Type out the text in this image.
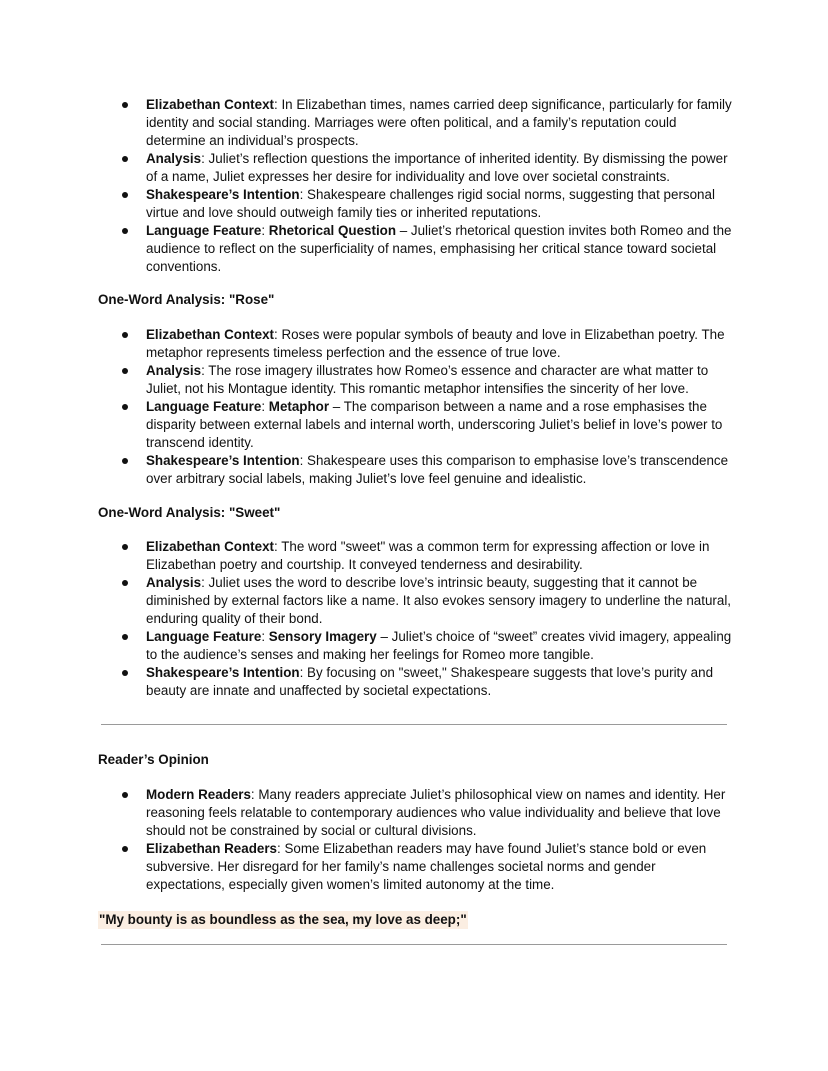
Elizabethan Context: In Elizabethan times, names carried deep significance, particularly for family identity and social standing. Marriages were often political, and a family’s reputation could determine an individual’s prospects.
Analysis: Juliet’s reflection questions the importance of inherited identity. By dismissing the power of a name, Juliet expresses her desire for individuality and love over societal constraints.
Shakespeare’s Intention: Shakespeare challenges rigid social norms, suggesting that personal virtue and love should outweigh family ties or inherited reputations.
Language Feature: Rhetorical Question – Juliet’s rhetorical question invites both Romeo and the audience to reflect on the superficiality of names, emphasising her critical stance toward societal conventions.
One-Word Analysis: "Rose"
Elizabethan Context: Roses were popular symbols of beauty and love in Elizabethan poetry. The metaphor represents timeless perfection and the essence of true love.
Analysis: The rose imagery illustrates how Romeo’s essence and character are what matter to Juliet, not his Montague identity. This romantic metaphor intensifies the sincerity of her love.
Language Feature: Metaphor – The comparison between a name and a rose emphasises the disparity between external labels and internal worth, underscoring Juliet’s belief in love’s power to transcend identity.
Shakespeare’s Intention: Shakespeare uses this comparison to emphasise love’s transcendence over arbitrary social labels, making Juliet’s love feel genuine and idealistic.
One-Word Analysis: "Sweet"
Elizabethan Context: The word "sweet" was a common term for expressing affection or love in Elizabethan poetry and courtship. It conveyed tenderness and desirability.
Analysis: Juliet uses the word to describe love’s intrinsic beauty, suggesting that it cannot be diminished by external factors like a name. It also evokes sensory imagery to underline the natural, enduring quality of their bond.
Language Feature: Sensory Imagery – Juliet’s choice of “sweet” creates vivid imagery, appealing to the audience’s senses and making her feelings for Romeo more tangible.
Shakespeare’s Intention: By focusing on "sweet," Shakespeare suggests that love’s purity and beauty are innate and unaffected by societal expectations.
Reader’s Opinion
Modern Readers: Many readers appreciate Juliet’s philosophical view on names and identity. Her reasoning feels relatable to contemporary audiences who value individuality and believe that love should not be constrained by social or cultural divisions.
Elizabethan Readers: Some Elizabethan readers may have found Juliet’s stance bold or even subversive. Her disregard for her family’s name challenges societal norms and gender expectations, especially given women’s limited autonomy at the time.
"My bounty is as boundless as the sea, my love as deep;"
